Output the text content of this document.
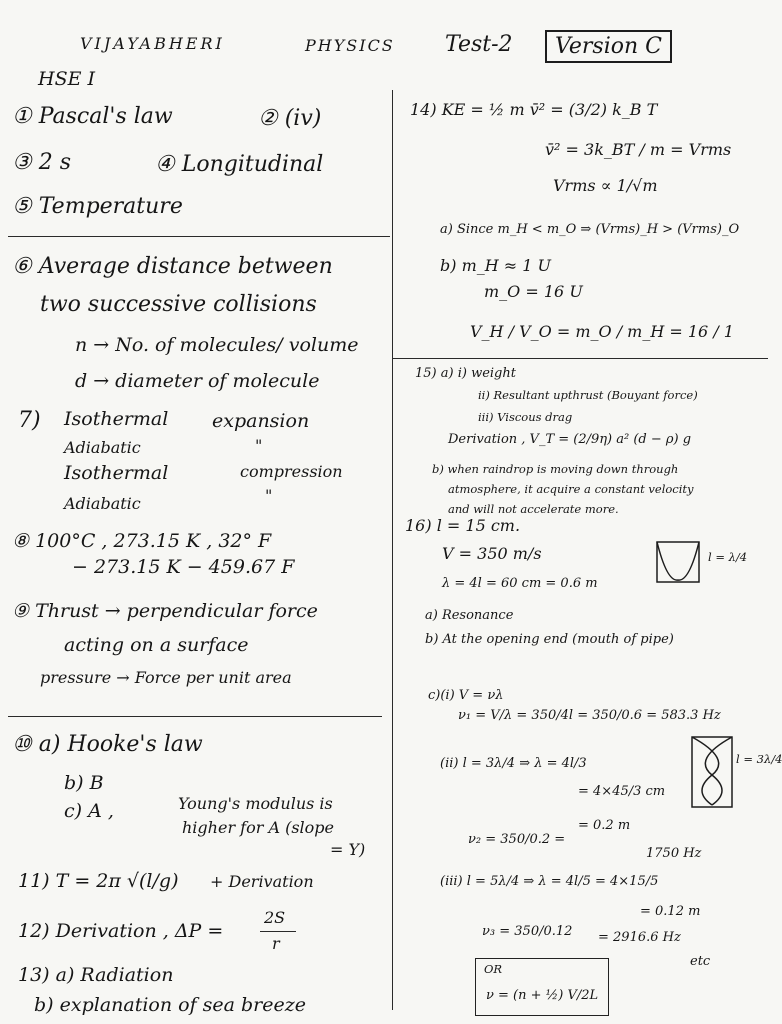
VIJAYABHERI	PHYSICS
HSE I
Test-2	Version C
① Pascal's law	② (iv)
③ 2 s	④ Longitudinal
⑤ Temperature
⑥ Average distance between
two successive collisions
n → No. of molecules/ volume
d → diameter of molecule
7) Isothermal expansion
Adiabatic	"
Isothermal	compression
Adiabatic	"
⑧ 100°C , 273.15 K , 32° F
− 273.15 K − 459.67 F
⑨ Thrust → perpendicular force
acting on a surface
pressure → Force per unit area
⑩ a) Hooke's law
b) B
c) A ,	Young's modulus is
higher for A (slope
= Y)
11) T = 2π √(l/g) + Derivation
12) Derivation , ΔP =
2S
r
13) a) Radiation
b) explanation of sea breeze
14) KE = ½ m v̄² = (3/2) k_B T
v̄² = 3k_BT / m = Vrms
Vrms ∝ 1/√m
a) Since m_H < m_O ⇒ (Vrms)_H > (Vrms)_O
b) m_H ≈ 1 U
m_O = 16 U
V_H / V_O = m_O / m_H = 16 / 1
15) a) i) weight
ii) Resultant upthrust (Bouyant force)
iii) Viscous drag
Derivation , V_T = (2/9η) a² (d − ρ) g
b) when raindrop is moving down through
atmosphere, it acquire a constant velocity
and will not accelerate more.
16) l = 15 cm.
V = 350 m/s
λ = 4l = 60 cm = 0.6 m
l = λ/4
a) Resonance
b) At the opening end (mouth of pipe)
c)(i) V = νλ
ν₁ = V/λ = 350/4l = 350/0.6 = 583.3 Hz
(ii) l = 3λ/4 ⇒ λ = 4l/3
= 4×45/3 cm
= 0.2 m
l = 3λ/4
ν₂ = 350/0.2 =
1750 Hz
(iii) l = 5λ/4 ⇒ λ = 4l/5 = 4×15/5
= 0.12 m
ν₃ = 350/0.12 = 2916.6 Hz
etc
OR
ν = (n + ½) V/2L
